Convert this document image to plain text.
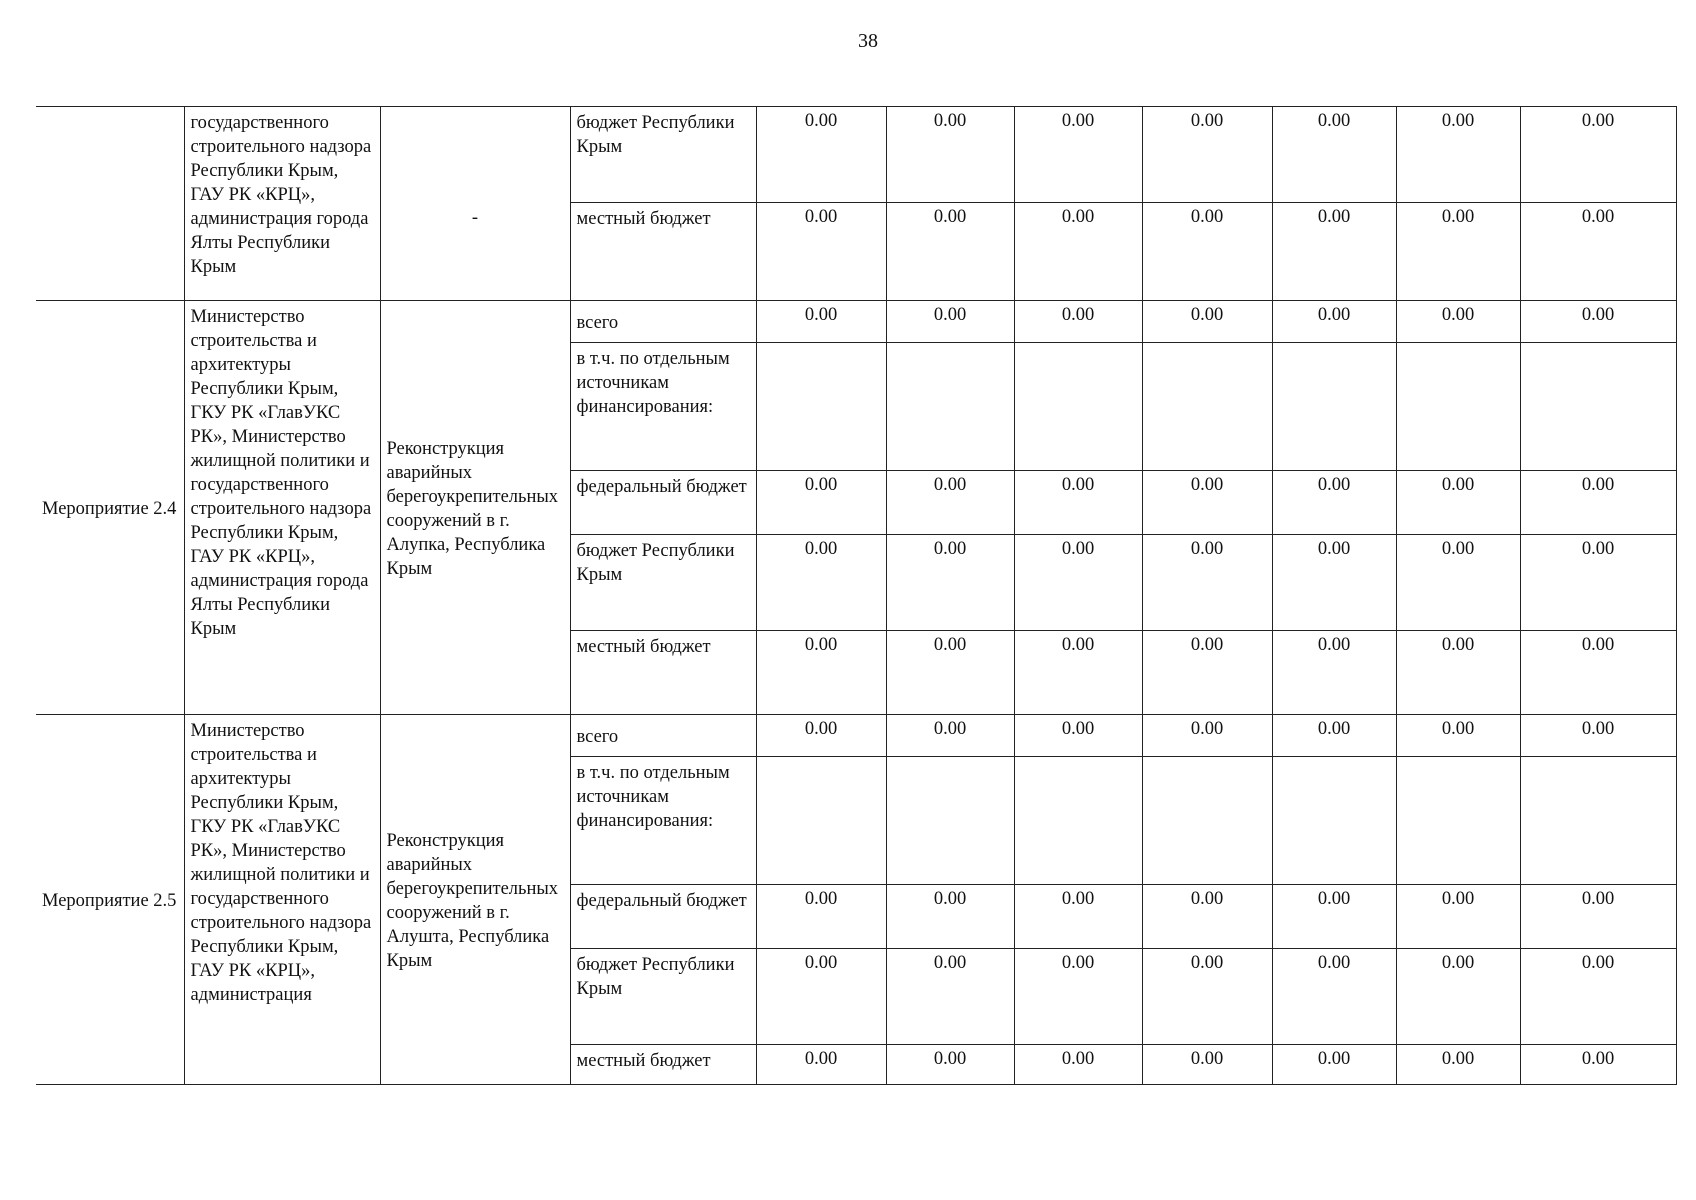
38
	государственного строительного надзора Республики Крым, ГАУ РК «КРЦ», администрация города Ялты Республики Крым	-	бюджет Республики Крым	0.00	0.00	0.00	0.00	0.00	0.00	0.00
			местный бюджет	0.00	0.00	0.00	0.00	0.00	0.00	0.00
Мероприятие 2.4	Министерство строительства и архитектуры Республики Крым, ГКУ РК «ГлавУКС РК», Министерство жилищной политики и государственного строительного надзора Республики Крым, ГАУ РК «КРЦ», администрация города Ялты Республики Крым	Реконструкция аварийных берегоукрепительных сооружений в г. Алупка, Республика Крым	всего	0.00	0.00	0.00	0.00	0.00	0.00	0.00
			в т.ч. по отдельным источникам финансирования:							
			федеральный бюджет	0.00	0.00	0.00	0.00	0.00	0.00	0.00
			бюджет Республики Крым	0.00	0.00	0.00	0.00	0.00	0.00	0.00
			местный бюджет	0.00	0.00	0.00	0.00	0.00	0.00	0.00
Мероприятие 2.5	Министерство строительства и архитектуры Республики Крым, ГКУ РК «ГлавУКС РК», Министерство жилищной политики и государственного строительного надзора Республики Крым, ГАУ РК «КРЦ», администрация	Реконструкция аварийных берегоукрепительных сооружений в г. Алушта, Республика Крым	всего	0.00	0.00	0.00	0.00	0.00	0.00	0.00
			в т.ч. по отдельным источникам финансирования:							
			федеральный бюджет	0.00	0.00	0.00	0.00	0.00	0.00	0.00
			бюджет Республики Крым	0.00	0.00	0.00	0.00	0.00	0.00	0.00
			местный бюджет	0.00	0.00	0.00	0.00	0.00	0.00	0.00
